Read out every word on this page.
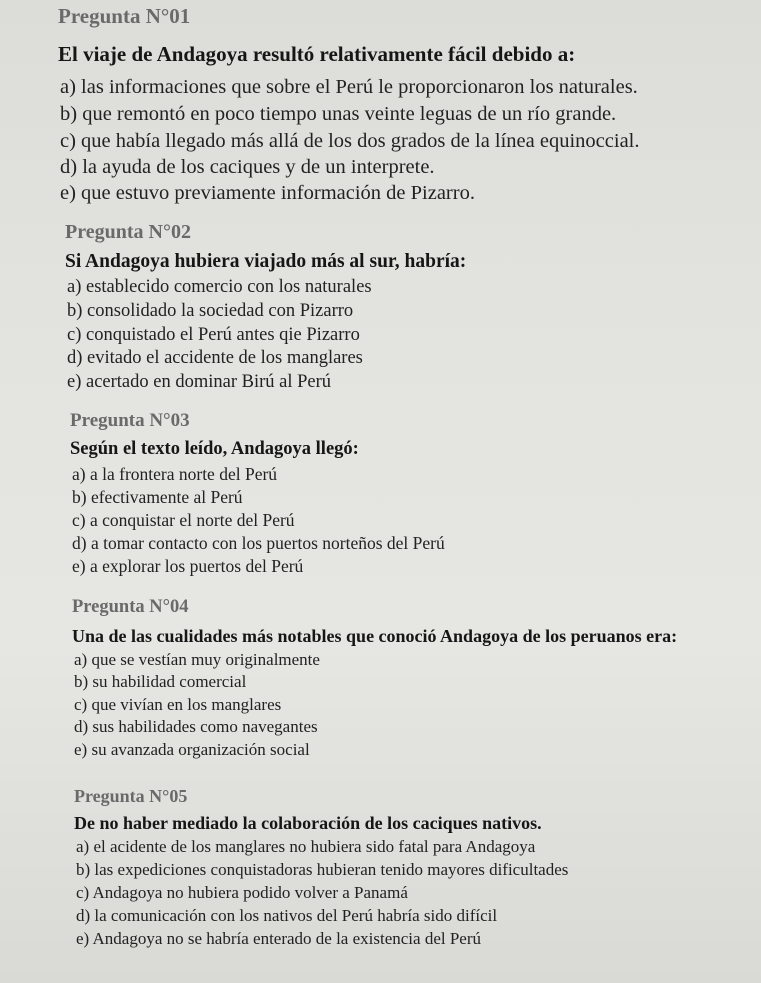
Pregunta N°01
El viaje de Andagoya resultó relativamente fácil debido a:
a) las informaciones que sobre el Perú le proporcionaron los naturales.
b) que remontó en poco tiempo unas veinte leguas de un río grande.
c) que había llegado más allá de los dos grados de la línea equinoccial.
d) la ayuda de los caciques y de un interprete.
e) que estuvo previamente información de Pizarro.
Pregunta N°02
Si Andagoya hubiera viajado más al sur, habría:
a) establecido comercio con los naturales
b) consolidado la sociedad con Pizarro
c) conquistado el Perú antes qie Pizarro
d) evitado el accidente de los manglares
e) acertado en dominar Birú al Perú
Pregunta N°03
Según el texto leído, Andagoya llegó:
a) a la frontera norte del Perú
b) efectivamente al Perú
c) a conquistar el norte del Perú
d) a tomar contacto con los puertos norteños del Perú
e) a explorar los puertos del Perú
Pregunta N°04
Una de las cualidades más notables que conoció Andagoya de los peruanos era:
a) que se vestían muy originalmente
b) su habilidad comercial
c) que vivían en los manglares
d) sus habilidades como navegantes
e) su avanzada organización social
Pregunta N°05
De no haber mediado la colaboración de los caciques nativos.
a) el acidente de los manglares no hubiera sido fatal para Andagoya
b) las expediciones conquistadoras hubieran tenido mayores dificultades
c) Andagoya no hubiera podido volver a Panamá
d) la comunicación con los nativos del Perú habría sido difícil
e) Andagoya no se habría enterado de la existencia del Perú
